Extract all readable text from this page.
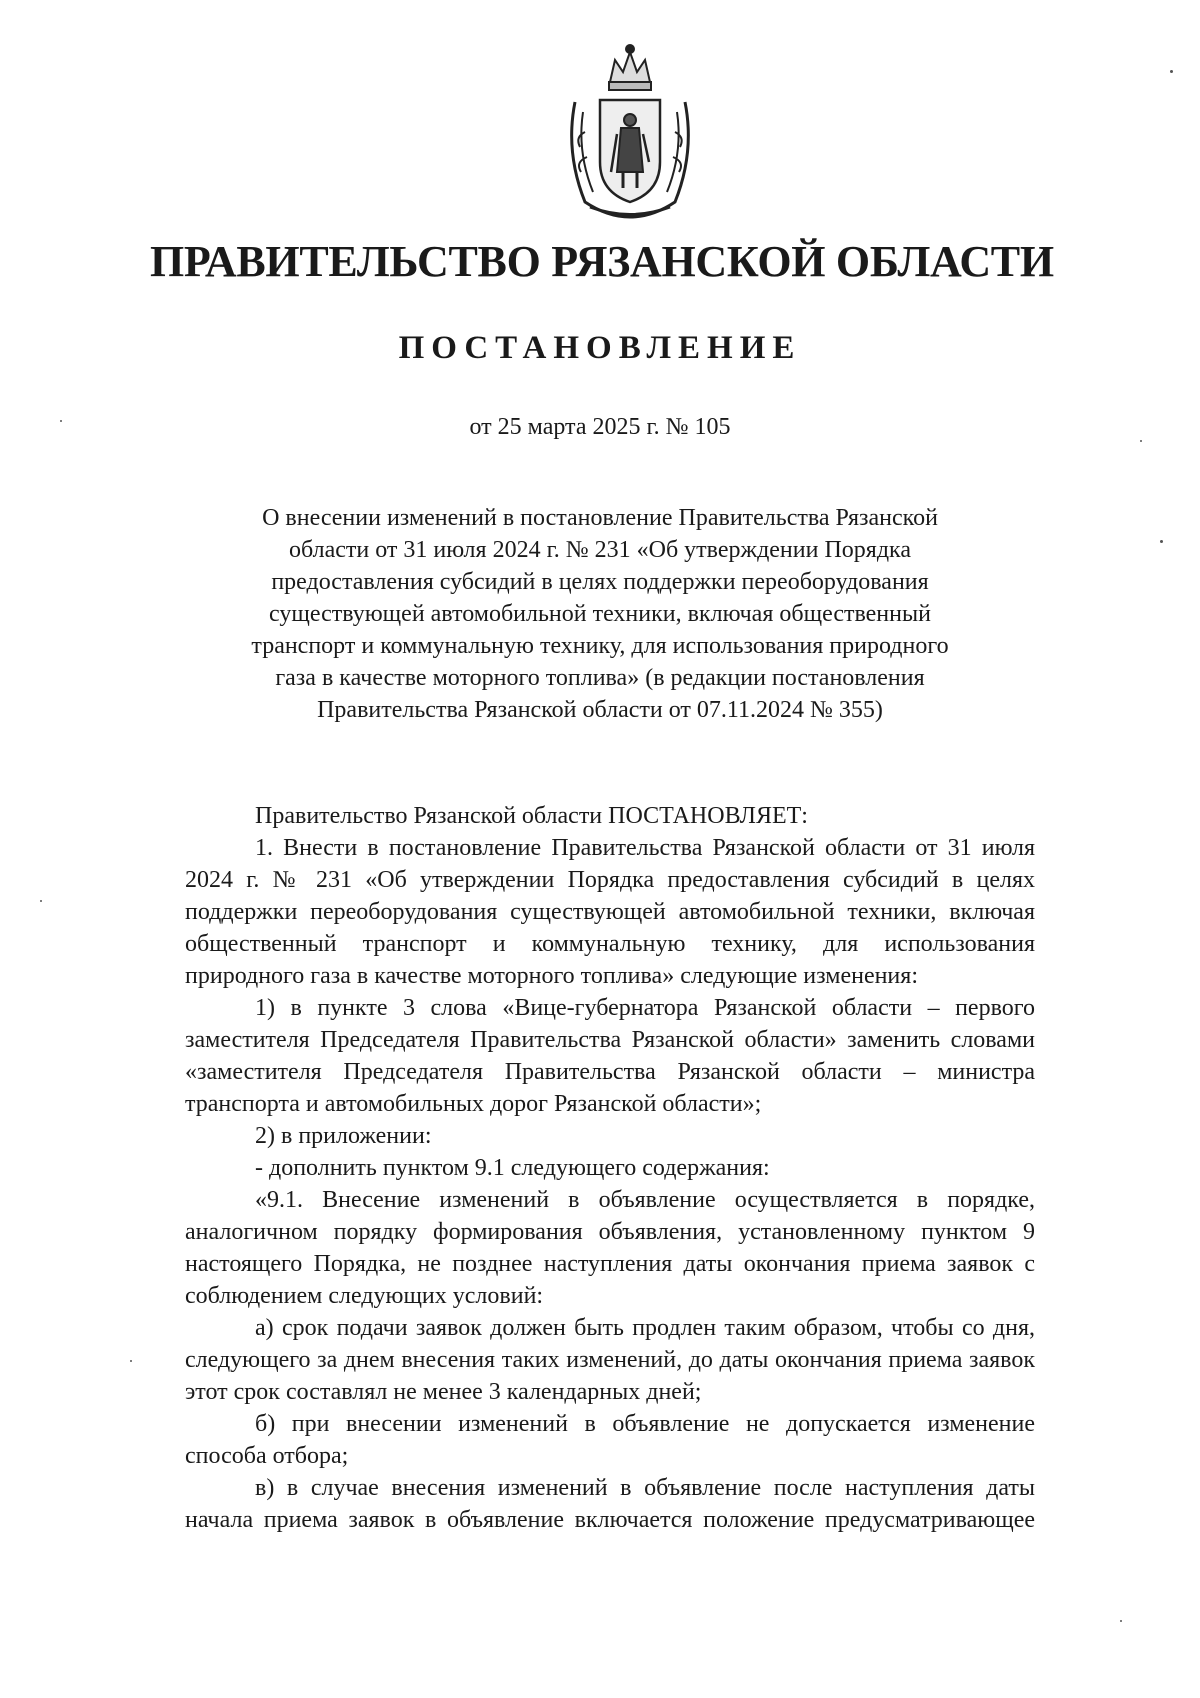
ПРАВИТЕЛЬСТВО РЯЗАНСКОЙ ОБЛАСТИ
ПОСТАНОВЛЕНИЕ
от 25 марта 2025 г. № 105
О внесении изменений в постановление Правительства Рязанской
области от 31 июля 2024 г. № 231 «Об утверждении Порядка
предоставления субсидий в целях поддержки переоборудования
существующей автомобильной техники, включая общественный
транспорт и коммунальную технику, для использования природного
газа в качестве моторного топлива» (в редакции постановления
Правительства Рязанской области от 07.11.2024 № 355)

Правительство Рязанской области ПОСТАНОВЛЯЕТ:

1. Внести в постановление Правительства Рязанской области от 31 июля 2024 г. № 231 «Об утверждении Порядка предоставления субсидий в целях поддержки переоборудования существующей автомобильной техники, включая общественный транспорт и коммунальную технику, для использования природного газа в качестве моторного топлива» следующие изменения:

1) в пункте 3 слова «Вице-губернатора Рязанской области – первого заместителя Председателя Правительства Рязанской области» заменить словами «заместителя Председателя Правительства Рязанской области – министра транспорта и автомобильных дорог Рязанской области»;

2) в приложении:

- дополнить пунктом 9.1 следующего содержания:

«9.1. Внесение изменений в объявление осуществляется в порядке, аналогичном порядку формирования объявления, установленному пунктом 9 настоящего Порядка, не позднее наступления даты окончания приема заявок с соблюдением следующих условий:

а) срок подачи заявок должен быть продлен таким образом, чтобы со дня, следующего за днем внесения таких изменений, до даты окончания приема заявок этот срок составлял не менее 3 календарных дней;

б) при внесении изменений в объявление не допускается изменение способа отбора;

в) в случае внесения изменений в объявление после наступления даты начала приема заявок в объявление включается положение предусматривающее
